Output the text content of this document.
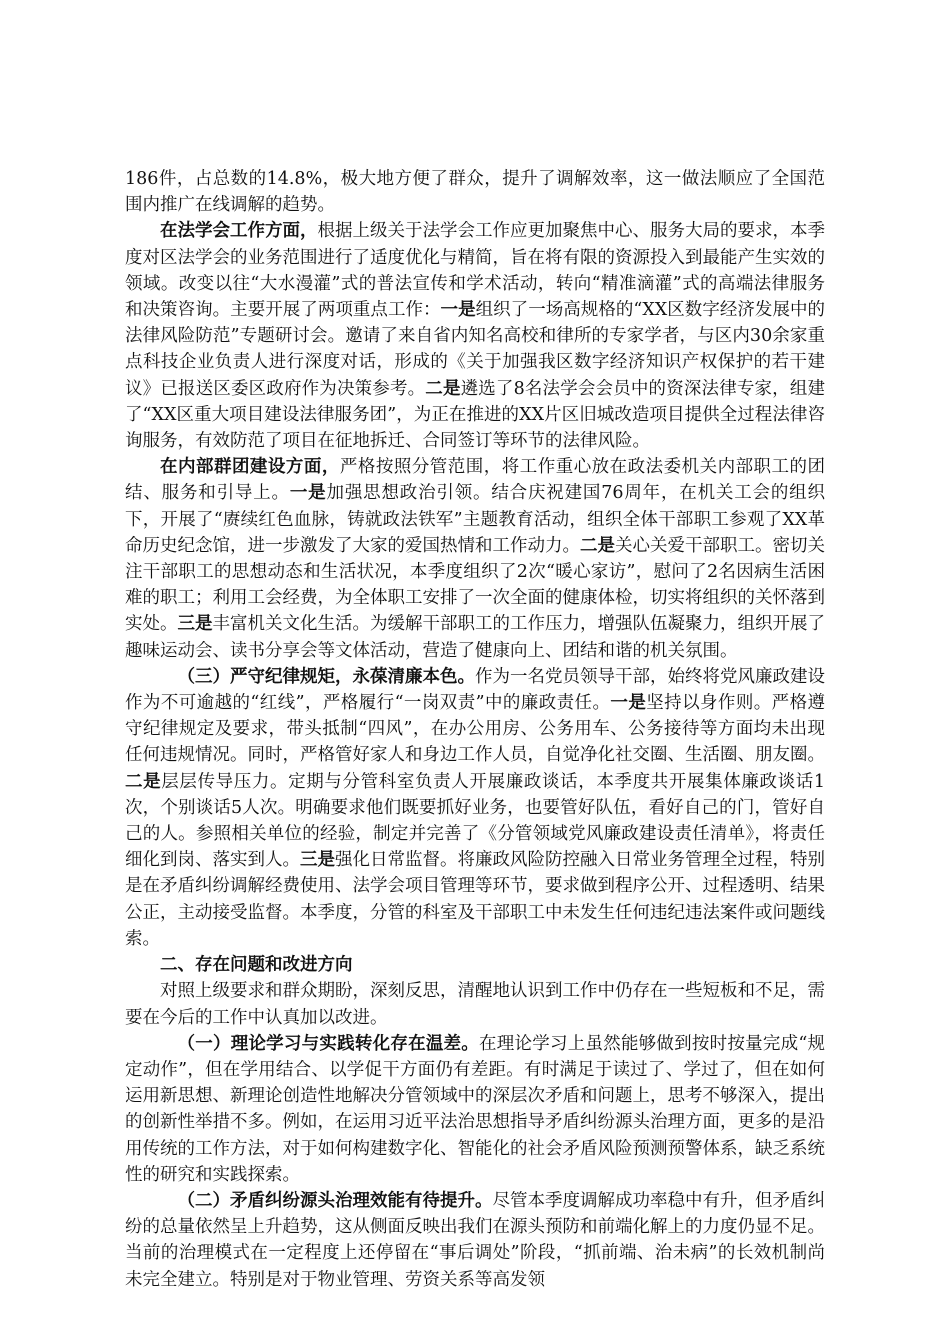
186件，占总数的14.8%，极大地方便了群众，提升了调解效率，这一做法顺应了全国范围内推广在线调解的趋势。

在法学会工作方面，根据上级关于法学会工作应更加聚焦中心、服务大局的要求，本季度对区法学会的业务范围进行了适度优化与精简，旨在将有限的资源投入到最能产生实效的领域。改变以往“大水漫灌”式的普法宣传和学术活动，转向“精准滴灌”式的高端法律服务和决策咨询。主要开展了两项重点工作：一是组织了一场高规格的“XX区数字经济发展中的法律风险防范”专题研讨会。邀请了来自省内知名高校和律所的专家学者，与区内30余家重点科技企业负责人进行深度对话，形成的《关于加强我区数字经济知识产权保护的若干建议》已报送区委区政府作为决策参考。二是遴选了8名法学会会员中的资深法律专家，组建了“XX区重大项目建设法律服务团”，为正在推进的XX片区旧城改造项目提供全过程法律咨询服务，有效防范了项目在征地拆迁、合同签订等环节的法律风险。

在内部群团建设方面，严格按照分管范围，将工作重心放在政法委机关内部职工的团结、服务和引导上。一是加强思想政治引领。结合庆祝建国76周年，在机关工会的组织下，开展了“赓续红色血脉，铸就政法铁军”主题教育活动，组织全体干部职工参观了XX革命历史纪念馆，进一步激发了大家的爱国热情和工作动力。二是关心关爱干部职工。密切关注干部职工的思想动态和生活状况，本季度组织了2次“暖心家访”，慰问了2名因病生活困难的职工；利用工会经费，为全体职工安排了一次全面的健康体检，切实将组织的关怀落到实处。三是丰富机关文化生活。为缓解干部职工的工作压力，增强队伍凝聚力，组织开展了趣味运动会、读书分享会等文体活动，营造了健康向上、团结和谐的机关氛围。

（三）严守纪律规矩，永葆清廉本色。作为一名党员领导干部，始终将党风廉政建设作为不可逾越的“红线”，严格履行“一岗双责”中的廉政责任。一是坚持以身作则。严格遵守纪律规定及要求，带头抵制“四风”，在办公用房、公务用车、公务接待等方面均未出现任何违规情况。同时，严格管好家人和身边工作人员，自觉净化社交圈、生活圈、朋友圈。二是层层传导压力。定期与分管科室负责人开展廉政谈话，本季度共开展集体廉政谈话1次，个别谈话5人次。明确要求他们既要抓好业务，也要管好队伍，看好自己的门，管好自己的人。参照相关单位的经验，制定并完善了《分管领域党风廉政建设责任清单》，将责任细化到岗、落实到人。三是强化日常监督。将廉政风险防控融入日常业务管理全过程，特别是在矛盾纠纷调解经费使用、法学会项目管理等环节，要求做到程序公开、过程透明、结果公正，主动接受监督。本季度，分管的科室及干部职工中未发生任何违纪违法案件或问题线索。

二、存在问题和改进方向

对照上级要求和群众期盼，深刻反思，清醒地认识到工作中仍存在一些短板和不足，需要在今后的工作中认真加以改进。

（一）理论学习与实践转化存在温差。在理论学习上虽然能够做到按时按量完成“规定动作”，但在学用结合、以学促干方面仍有差距。有时满足于读过了、学过了，但在如何运用新思想、新理论创造性地解决分管领域中的深层次矛盾和问题上，思考不够深入，提出的创新性举措不多。例如，在运用习近平法治思想指导矛盾纠纷源头治理方面，更多的是沿用传统的工作方法，对于如何构建数字化、智能化的社会矛盾风险预测预警体系，缺乏系统性的研究和实践探索。

（二）矛盾纠纷源头治理效能有待提升。尽管本季度调解成功率稳中有升，但矛盾纠纷的总量依然呈上升趋势，这从侧面反映出我们在源头预防和前端化解上的力度仍显不足。当前的治理模式在一定程度上还停留在“事后调处”阶段，“抓前端、治未病”的长效机制尚未完全建立。特别是对于物业管理、劳资关系等高发领
